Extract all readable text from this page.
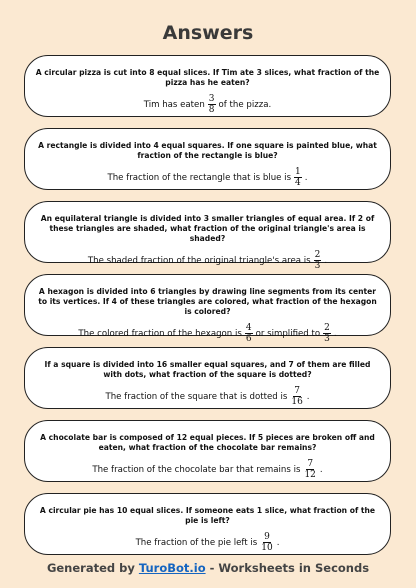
Answers
A circular pizza is cut into 8 equal slices. If Tim ate 3 slices, what fraction of the pizza has he eaten?
Tim has eaten $\frac{3}{8}$ of the pizza.
A rectangle is divided into 4 equal squares. If one square is painted blue, what fraction of the rectangle is blue?
The fraction of the rectangle that is blue is $\frac{1}{4}$ .
An equilateral triangle is divided into 3 smaller triangles of equal area. If 2 of these triangles are shaded, what fraction of the original triangle's area is shaded?
The shaded fraction of the original triangle's area is $\frac{2}{3}$ .
A hexagon is divided into 6 triangles by drawing line segments from its center to its vertices. If 4 of these triangles are colored, what fraction of the hexagon is colored?
The colored fraction of the hexagon is $\frac{4}{6}$ or simplified to $\frac{2}{3}$ .
If a square is divided into 16 smaller equal squares, and 7 of them are filled with dots, what fraction of the square is dotted?
The fraction of the square that is dotted is $\frac{7}{16}$ .
A chocolate bar is composed of 12 equal pieces. If 5 pieces are broken off and eaten, what fraction of the chocolate bar remains?
The fraction of the chocolate bar that remains is $\frac{7}{12}$ .
A circular pie has 10 equal slices. If someone eats 1 slice, what fraction of the pie is left?
The fraction of the pie left is $\frac{9}{10}$ .
Generated by TuroBot.io - Worksheets in Seconds
